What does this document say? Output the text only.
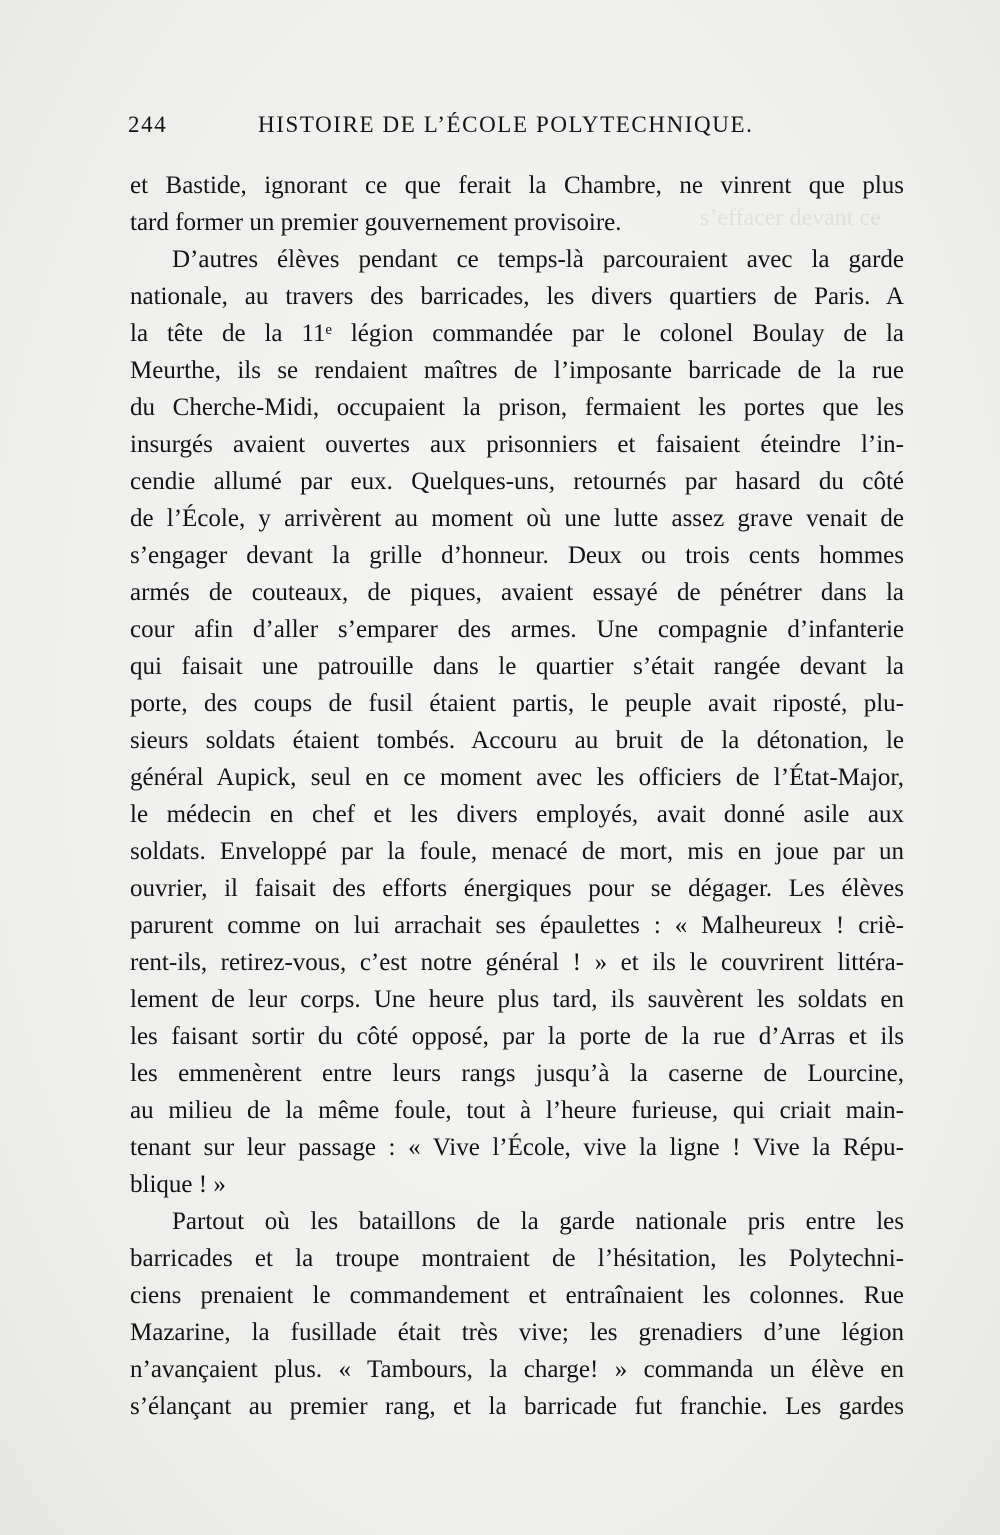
s’effacer devant ce
244	HISTOIRE DE L’ÉCOLE POLYTECHNIQUE.
et Bastide, ignorant ce que ferait la Chambre, ne vinrent que plus
tard former un premier gouvernement provisoire.
D’autres élèves pendant ce temps-là parcouraient avec la garde
nationale, au travers des barricades, les divers quartiers de Paris. A
la tête de la 11ᵉ légion commandée par le colonel Boulay de la
Meurthe, ils se rendaient maîtres de l’imposante barricade de la rue
du Cherche-Midi, occupaient la prison, fermaient les portes que les
insurgés avaient ouvertes aux prisonniers et faisaient éteindre l’in-
cendie allumé par eux. Quelques-uns, retournés par hasard du côté
de l’École, y arrivèrent au moment où une lutte assez grave venait de
s’engager devant la grille d’honneur. Deux ou trois cents hommes
armés de couteaux, de piques, avaient essayé de pénétrer dans la
cour afin d’aller s’emparer des armes. Une compagnie d’infanterie
qui faisait une patrouille dans le quartier s’était rangée devant la
porte, des coups de fusil étaient partis, le peuple avait riposté, plu-
sieurs soldats étaient tombés. Accouru au bruit de la détonation, le
général Aupick, seul en ce moment avec les officiers de l’État-Major,
le médecin en chef et les divers employés, avait donné asile aux
soldats. Enveloppé par la foule, menacé de mort, mis en joue par un
ouvrier, il faisait des efforts énergiques pour se dégager. Les élèves
parurent comme on lui arrachait ses épaulettes : « Malheureux ! criè-
rent-ils, retirez-vous, c’est notre général ! » et ils le couvrirent littéra-
lement de leur corps. Une heure plus tard, ils sauvèrent les soldats en
les faisant sortir du côté opposé, par la porte de la rue d’Arras et ils
les emmenèrent entre leurs rangs jusqu’à la caserne de Lourcine,
au milieu de la même foule, tout à l’heure furieuse, qui criait main-
tenant sur leur passage : « Vive l’École, vive la ligne ! Vive la Répu-
blique ! »
Partout où les bataillons de la garde nationale pris entre les
barricades et la troupe montraient de l’hésitation, les Polytechni-
ciens prenaient le commandement et entraînaient les colonnes. Rue
Mazarine, la fusillade était très vive; les grenadiers d’une légion
n’avançaient plus. « Tambours, la charge! » commanda un élève en
s’élançant au premier rang, et la barricade fut franchie. Les gardes
